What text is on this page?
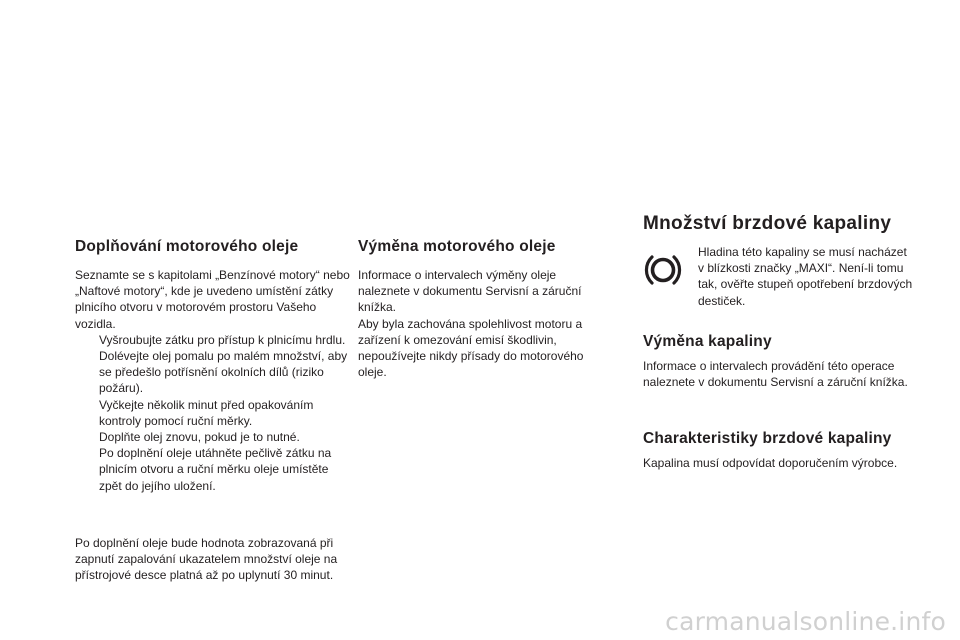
Doplňování motorového oleje

Seznamte se s kapitolami „Benzínové motory“ nebo „Naftové motory“, kde je uvedeno umístění zátky plnicího otvoru v motorovém prostoru Vašeho vozidla.

Vyšroubujte zátku pro přístup k plnicímu hrdlu.
Dolévejte olej pomalu po malém množství, aby se předešlo potřísnění okolních dílů (riziko požáru).
Vyčkejte několik minut před opakováním kontroly pomocí ruční měrky.
Doplňte olej znovu, pokud je to nutné.
Po doplnění oleje utáhněte pečlivě zátku na plnicím otvoru a ruční měrku oleje umístěte zpět do jejího uložení.

Po doplnění oleje bude hodnota zobrazovaná při zapnutí zapalování ukazatelem množství oleje na přístrojové desce platná až po uplynutí 30 minut.

Výměna motorového oleje

Informace o intervalech výměny oleje naleznete v dokumentu Servisní a záruční knížka.

Aby byla zachována spolehlivost motoru a zařízení k omezování emisí škodlivin, nepoužívejte nikdy přísady do motorového oleje.

Množství brzdové kapaliny

Hladina této kapaliny se musí nacházet v blízkosti značky „MAXI“. Není-li tomu tak, ověřte stupeň opotřebení brzdových destiček.

Výměna kapaliny

Informace o intervalech provádění této operace naleznete v dokumentu Servisní a záruční knížka.

Charakteristiky brzdové kapaliny

Kapalina musí odpovídat doporučením výrobce.

carmanualsonline.info
